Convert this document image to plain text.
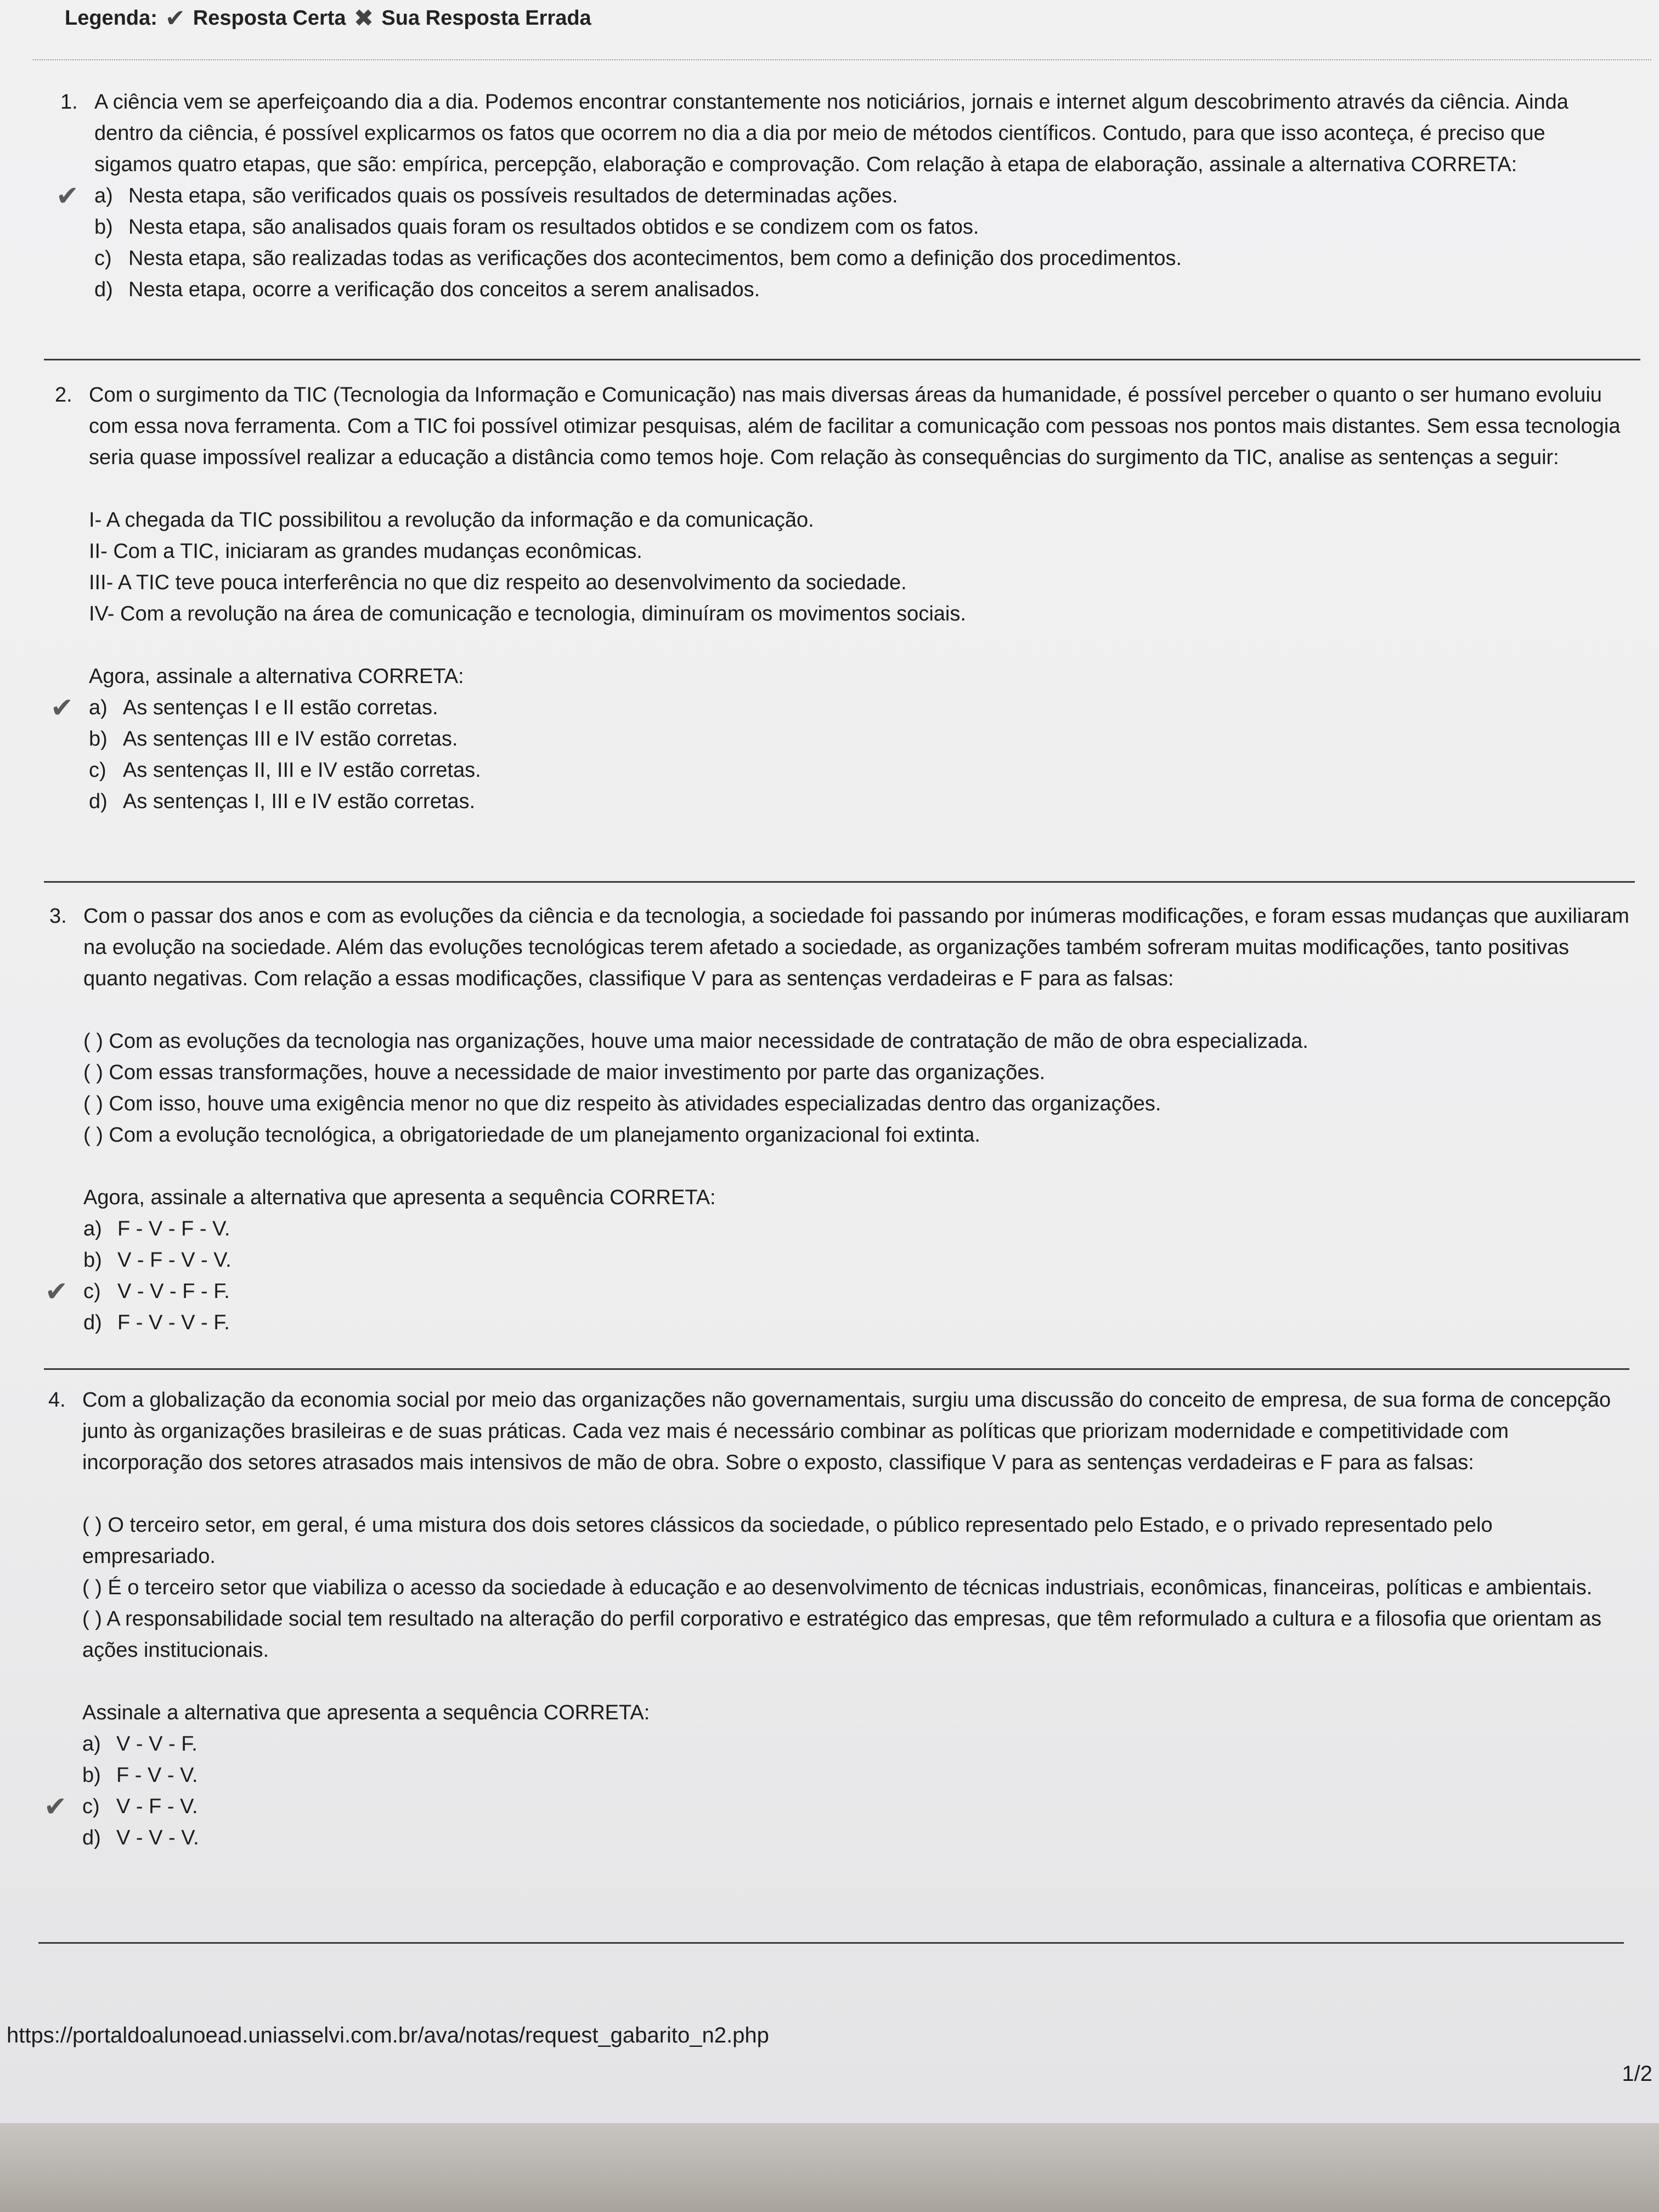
Legenda: ✔ Resposta Certa ✖ Sua Resposta Errada
1. A ciência vem se aperfeiçoando dia a dia. Podemos encontrar constantemente nos noticiários, jornais e internet algum descobrimento através da ciência. Ainda dentro da ciência, é possível explicarmos os fatos que ocorrem no dia a dia por meio de métodos científicos. Contudo, para que isso aconteça, é preciso que sigamos quatro etapas, que são: empírica, percepção, elaboração e comprovação. Com relação à etapa de elaboração, assinale a alternativa CORRETA:
✔ a) Nesta etapa, são verificados quais os possíveis resultados de determinadas ações.
b) Nesta etapa, são analisados quais foram os resultados obtidos e se condizem com os fatos.
c) Nesta etapa, são realizadas todas as verificações dos acontecimentos, bem como a definição dos procedimentos.
d) Nesta etapa, ocorre a verificação dos conceitos a serem analisados.
2. Com o surgimento da TIC (Tecnologia da Informação e Comunicação) nas mais diversas áreas da humanidade, é possível perceber o quanto o ser humano evoluiu com essa nova ferramenta. Com a TIC foi possível otimizar pesquisas, além de facilitar a comunicação com pessoas nos pontos mais distantes. Sem essa tecnologia seria quase impossível realizar a educação a distância como temos hoje. Com relação às consequências do surgimento da TIC, analise as sentenças a seguir:
I- A chegada da TIC possibilitou a revolução da informação e da comunicação.
II- Com a TIC, iniciaram as grandes mudanças econômicas.
III- A TIC teve pouca interferência no que diz respeito ao desenvolvimento da sociedade.
IV- Com a revolução na área de comunicação e tecnologia, diminuíram os movimentos sociais.
Agora, assinale a alternativa CORRETA:
✔ a) As sentenças I e II estão corretas.
b) As sentenças III e IV estão corretas.
c) As sentenças II, III e IV estão corretas.
d) As sentenças I, III e IV estão corretas.
3. Com o passar dos anos e com as evoluções da ciência e da tecnologia, a sociedade foi passando por inúmeras modificações, e foram essas mudanças que auxiliaram na evolução na sociedade. Além das evoluções tecnológicas terem afetado a sociedade, as organizações também sofreram muitas modificações, tanto positivas quanto negativas. Com relação a essas modificações, classifique V para as sentenças verdadeiras e F para as falsas:
( ) Com as evoluções da tecnologia nas organizações, houve uma maior necessidade de contratação de mão de obra especializada.
( ) Com essas transformações, houve a necessidade de maior investimento por parte das organizações.
( ) Com isso, houve uma exigência menor no que diz respeito às atividades especializadas dentro das organizações.
( ) Com a evolução tecnológica, a obrigatoriedade de um planejamento organizacional foi extinta.
Agora, assinale a alternativa que apresenta a sequência CORRETA:
a) F - V - F - V.
b) V - F - V - V.
✔ c) V - V - F - F.
d) F - V - V - F.
4. Com a globalização da economia social por meio das organizações não governamentais, surgiu uma discussão do conceito de empresa, de sua forma de concepção junto às organizações brasileiras e de suas práticas. Cada vez mais é necessário combinar as políticas que priorizam modernidade e competitividade com incorporação dos setores atrasados mais intensivos de mão de obra. Sobre o exposto, classifique V para as sentenças verdadeiras e F para as falsas:
( ) O terceiro setor, em geral, é uma mistura dos dois setores clássicos da sociedade, o público representado pelo Estado, e o privado representado pelo empresariado.
( ) É o terceiro setor que viabiliza o acesso da sociedade à educação e ao desenvolvimento de técnicas industriais, econômicas, financeiras, políticas e ambientais.
( ) A responsabilidade social tem resultado na alteração do perfil corporativo e estratégico das empresas, que têm reformulado a cultura e a filosofia que orientam as ações institucionais.
Assinale a alternativa que apresenta a sequência CORRETA:
a) V - V - F.
b) F - V - V.
✔ c) V - F - V.
d) V - V - V.
https://portaldoalunoead.uniasselvi.com.br/ava/notas/request_gabarito_n2.php
1/2
